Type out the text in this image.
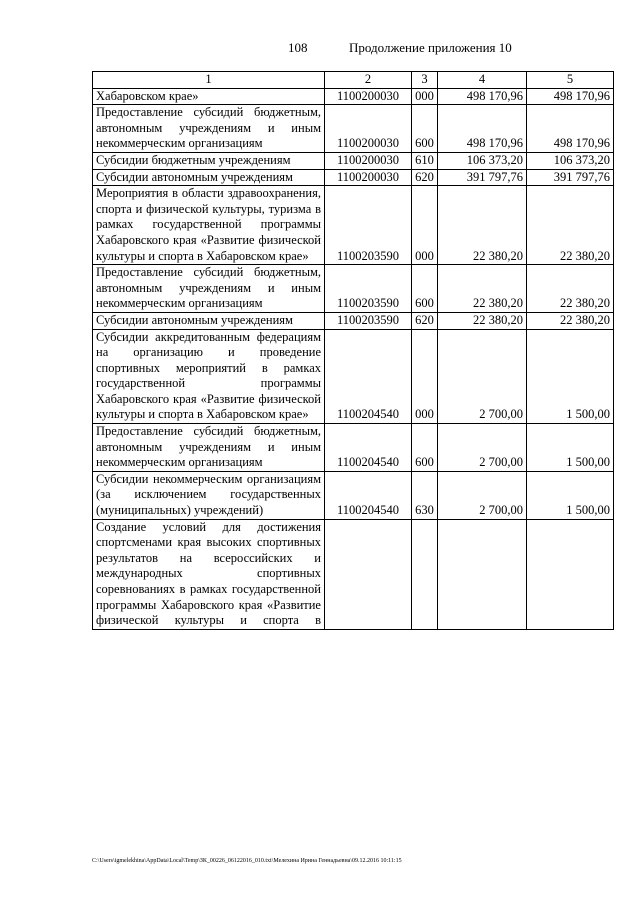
108	Продолжение приложения 10
1	2	3	4	5
Хабаровском крае»	1100200030	000	498 170,96	498 170,96
Предоставление субсидий бюджетным, автономным учреждениям и иным некоммерческим организациям	1100200030	600	498 170,96	498 170,96
Субсидии бюджетным учреждениям	1100200030	610	106 373,20	106 373,20
Субсидии автономным учреждениям	1100200030	620	391 797,76	391 797,76
Мероприятия в области здравоохранения, спорта и физической культуры, туризма в рамках государственной программы Хабаровского края «Развитие физической культуры и спорта в Хабаровском крае»	1100203590	000	22 380,20	22 380,20
Предоставление субсидий бюджетным, автономным учреждениям и иным некоммерческим организациям	1100203590	600	22 380,20	22 380,20
Субсидии автономным учреждениям	1100203590	620	22 380,20	22 380,20
Субсидии аккредитованным федерациям на организацию и проведение спортивных мероприятий в рамках государственной программы Хабаровского края «Развитие физической культуры и спорта в Хабаровском крае»	1100204540	000	2 700,00	1 500,00
Предоставление субсидий бюджетным, автономным учреждениям и иным некоммерческим организациям	1100204540	600	2 700,00	1 500,00
Субсидии некоммерческим организациям (за исключением государственных (муниципальных) учреждений)	1100204540	630	2 700,00	1 500,00
Создание условий для достижения спортсменами края высоких спортивных результатов на всероссийских и международных спортивных соревнованиях в рамках государственной программы Хабаровского края «Развитие физической культуры и спорта в				
C:\Users\igmelekhina\AppData\Local\Temp\ЗК_00226_06122016_010.txt\Мелехина Ирина Геннадьевна\09.12.2016 10:11:15
